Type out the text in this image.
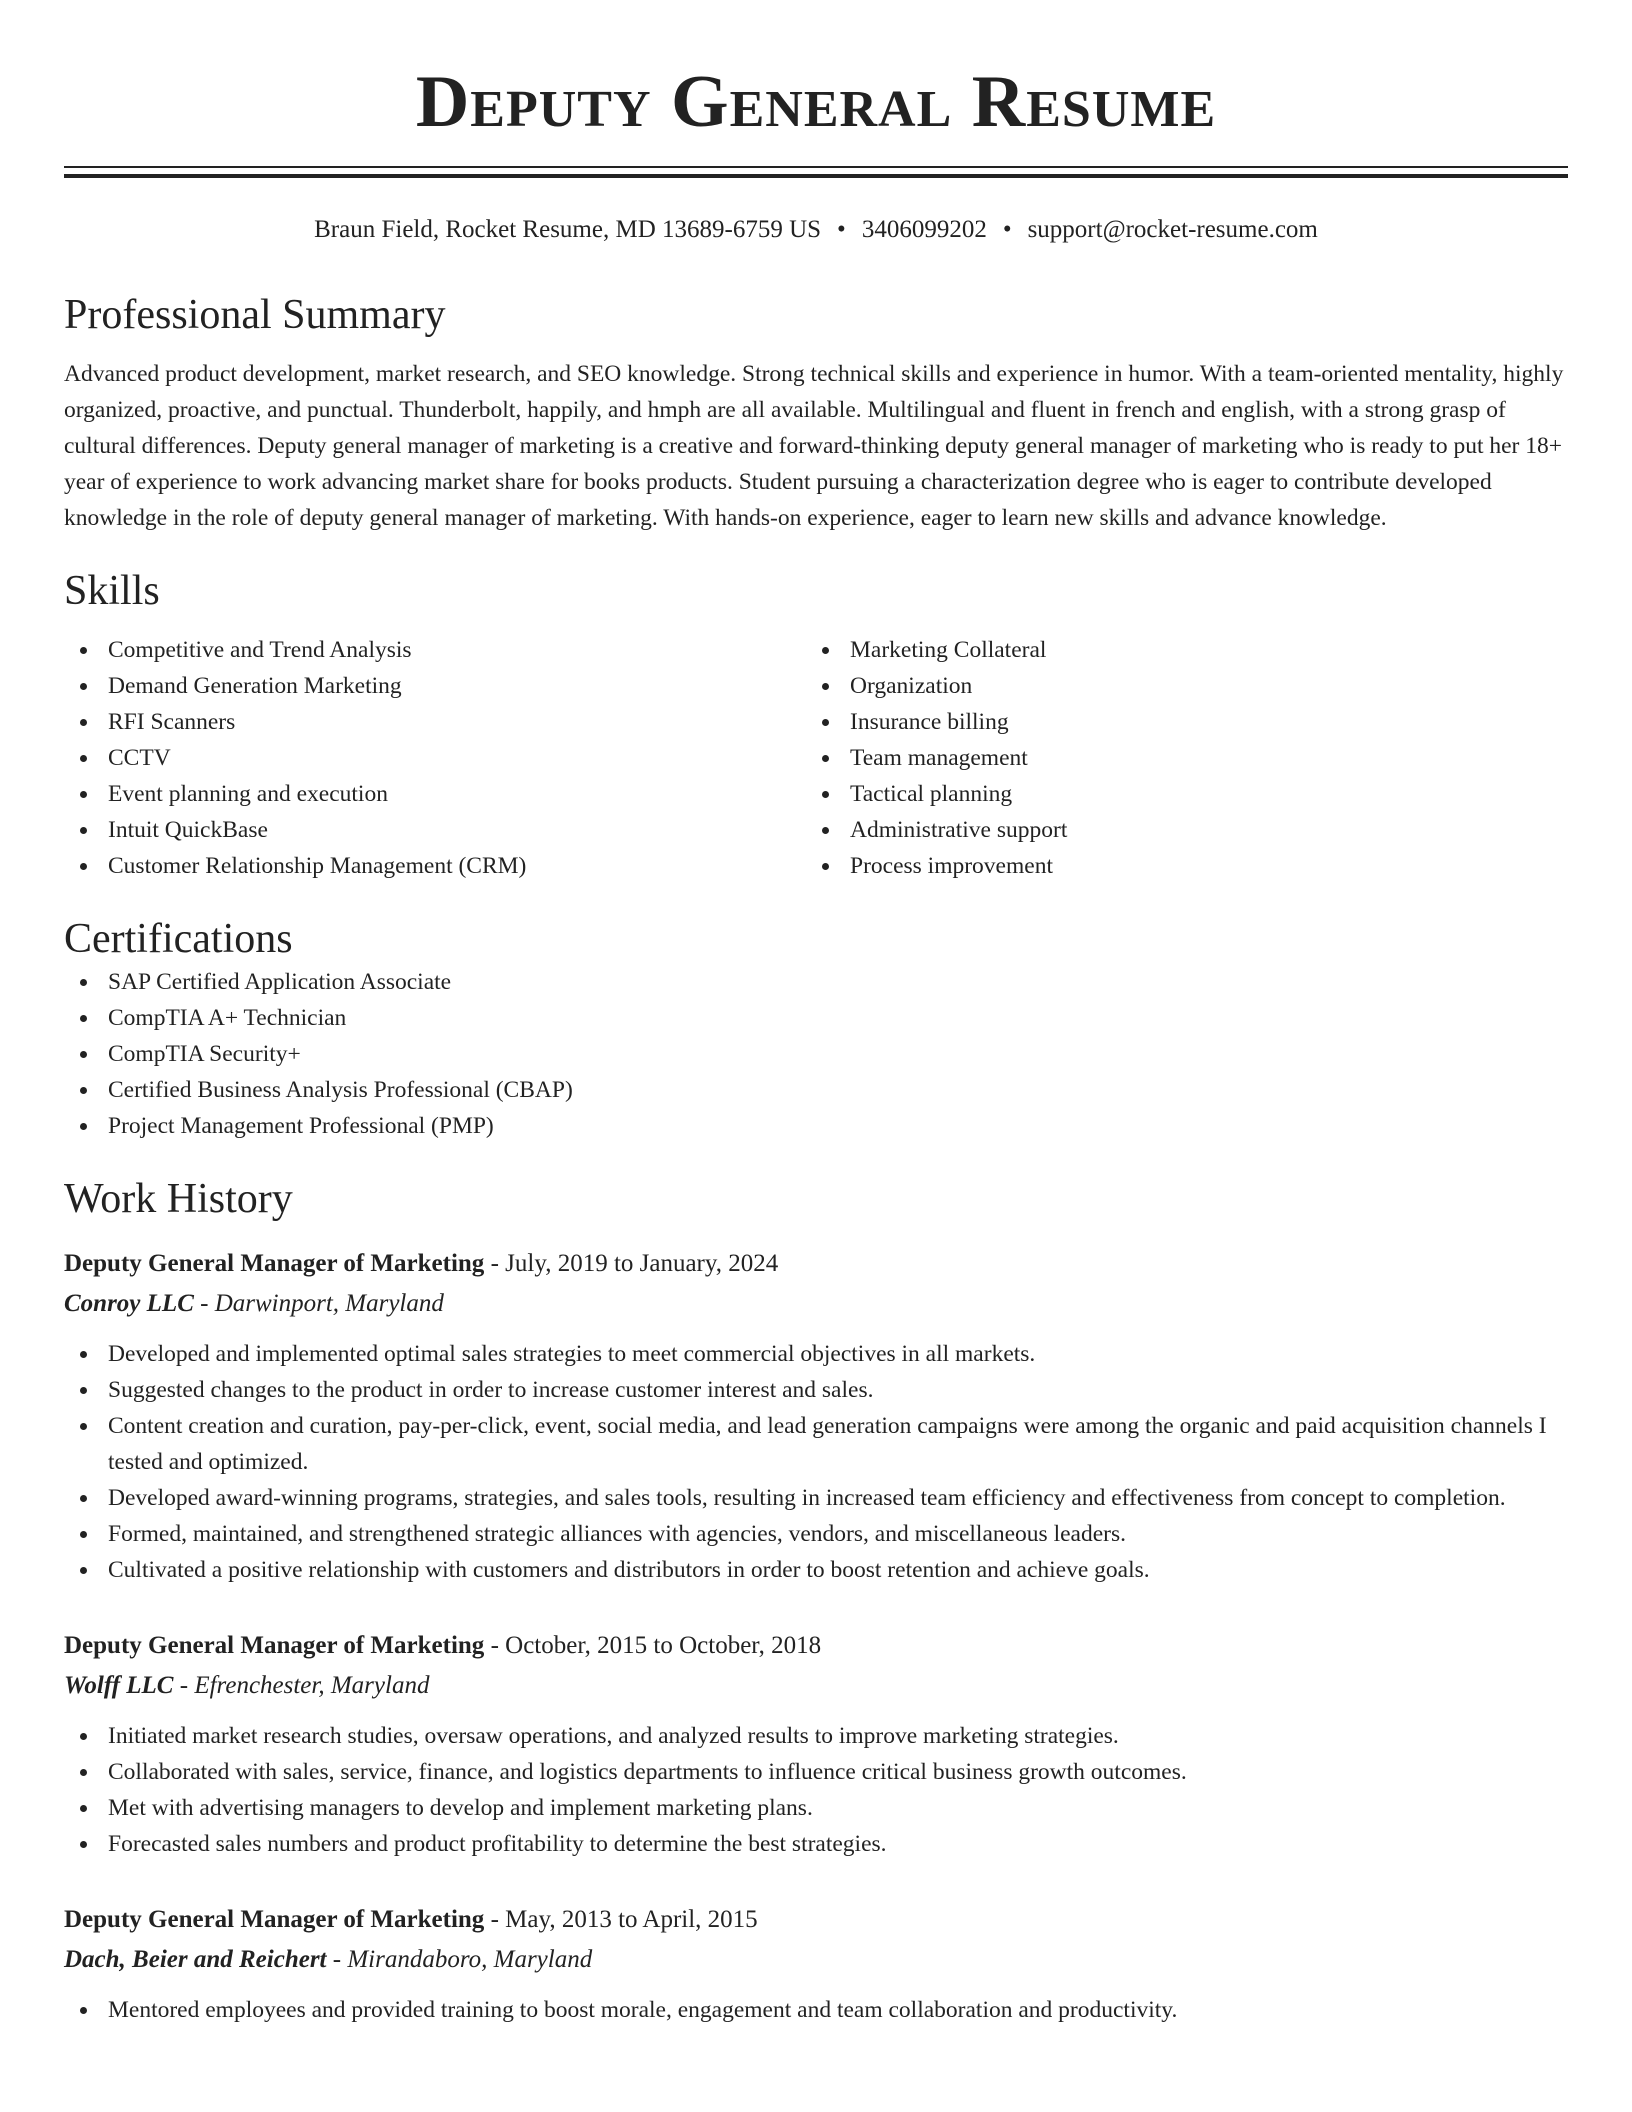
Deputy General Resume
Braun Field, Rocket Resume, MD 13689-6759 US • 3406099202 • support@rocket-resume.com
Professional Summary

Advanced product development, market research, and SEO knowledge. Strong technical skills and experience in humor. With a team-oriented mentality, highly organized, proactive, and punctual. Thunderbolt, happily, and hmph are all available. Multilingual and fluent in french and english, with a strong grasp of cultural differences. Deputy general manager of marketing is a creative and forward-thinking deputy general manager of marketing who is ready to put her 18+ year of experience to work advancing market share for books products. Student pursuing a characterization degree who is eager to contribute developed knowledge in the role of deputy general manager of marketing. With hands-on experience, eager to learn new skills and advance knowledge.

Skills
Competitive and Trend Analysis
Demand Generation Marketing
RFI Scanners
CCTV
Event planning and execution
Intuit QuickBase
Customer Relationship Management (CRM)
Marketing Collateral
Organization
Insurance billing
Team management
Tactical planning
Administrative support
Process improvement
Certifications
SAP Certified Application Associate
CompTIA A+ Technician
CompTIA Security+
Certified Business Analysis Professional (CBAP)
Project Management Professional (PMP)
Work History
Deputy General Manager of Marketing - July, 2019 to January, 2024
Conroy LLC - Darwinport, Maryland
Developed and implemented optimal sales strategies to meet commercial objectives in all markets.
Suggested changes to the product in order to increase customer interest and sales.
Content creation and curation, pay-per-click, event, social media, and lead generation campaigns were among the organic and paid acquisition channels I tested and optimized.
Developed award-winning programs, strategies, and sales tools, resulting in increased team efficiency and effectiveness from concept to completion.
Formed, maintained, and strengthened strategic alliances with agencies, vendors, and miscellaneous leaders.
Cultivated a positive relationship with customers and distributors in order to boost retention and achieve goals.
Deputy General Manager of Marketing - October, 2015 to October, 2018
Wolff LLC - Efrenchester, Maryland
Initiated market research studies, oversaw operations, and analyzed results to improve marketing strategies.
Collaborated with sales, service, finance, and logistics departments to influence critical business growth outcomes.
Met with advertising managers to develop and implement marketing plans.
Forecasted sales numbers and product profitability to determine the best strategies.
Deputy General Manager of Marketing - May, 2013 to April, 2015
Dach, Beier and Reichert - Mirandaboro, Maryland
Mentored employees and provided training to boost morale, engagement and team collaboration and productivity.
